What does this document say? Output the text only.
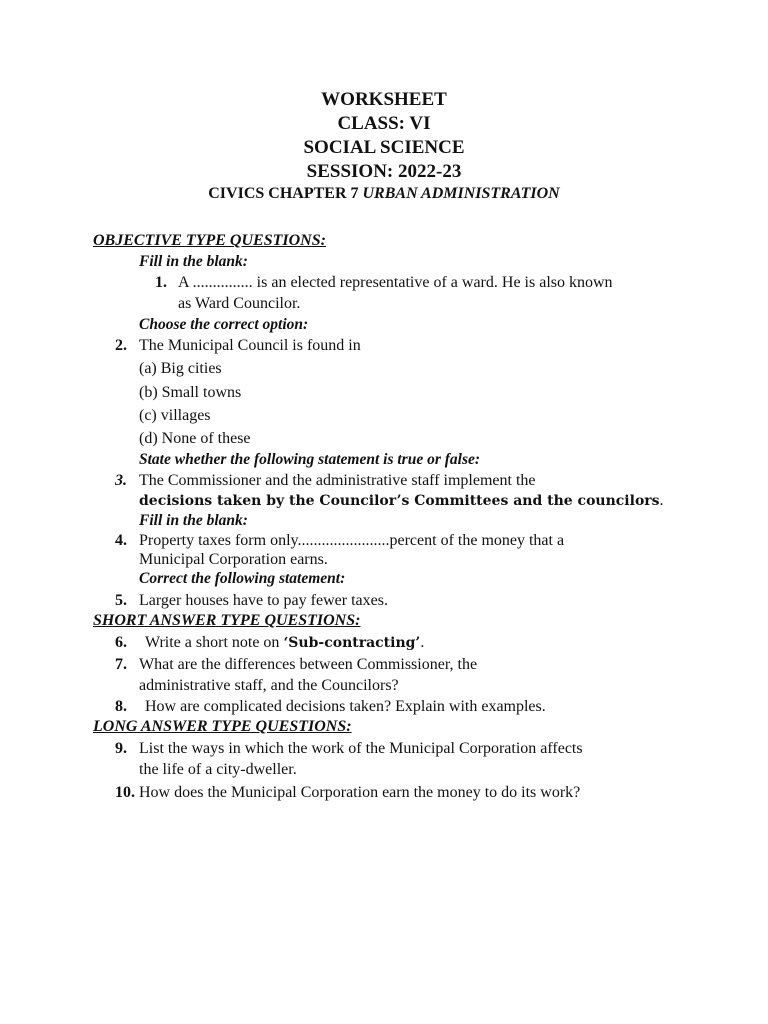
WORKSHEET
CLASS: VI
SOCIAL SCIENCE
SESSION: 2022-23
CIVICS CHAPTER 7 URBAN ADMINISTRATION
OBJECTIVE TYPE QUESTIONS:
Fill in the blank:
1. A ............... is an elected representative of a ward. He is also known
as Ward Councilor.
Choose the correct option:
2. The Municipal Council is found in
(a) Big cities
(b) Small towns
(c) villages
(d) None of these
State whether the following statement is true or false:
3. The Commissioner and the administrative staff implement the
decisions taken by the Councilor’s Committees and the councilors.
Fill in the blank:
4. Property taxes form only.......................percent of the money that a
Municipal Corporation earns.
Correct the following statement:
5. Larger houses have to pay fewer taxes.
SHORT ANSWER TYPE QUESTIONS:
6. Write a short note on ‘Sub-contracting’.
7. What are the differences between Commissioner, the
administrative staff, and the Councilors?
8. How are complicated decisions taken? Explain with examples.
LONG ANSWER TYPE QUESTIONS:
9. List the ways in which the work of the Municipal Corporation affects
the life of a city-dweller.
10. How does the Municipal Corporation earn the money to do its work?
